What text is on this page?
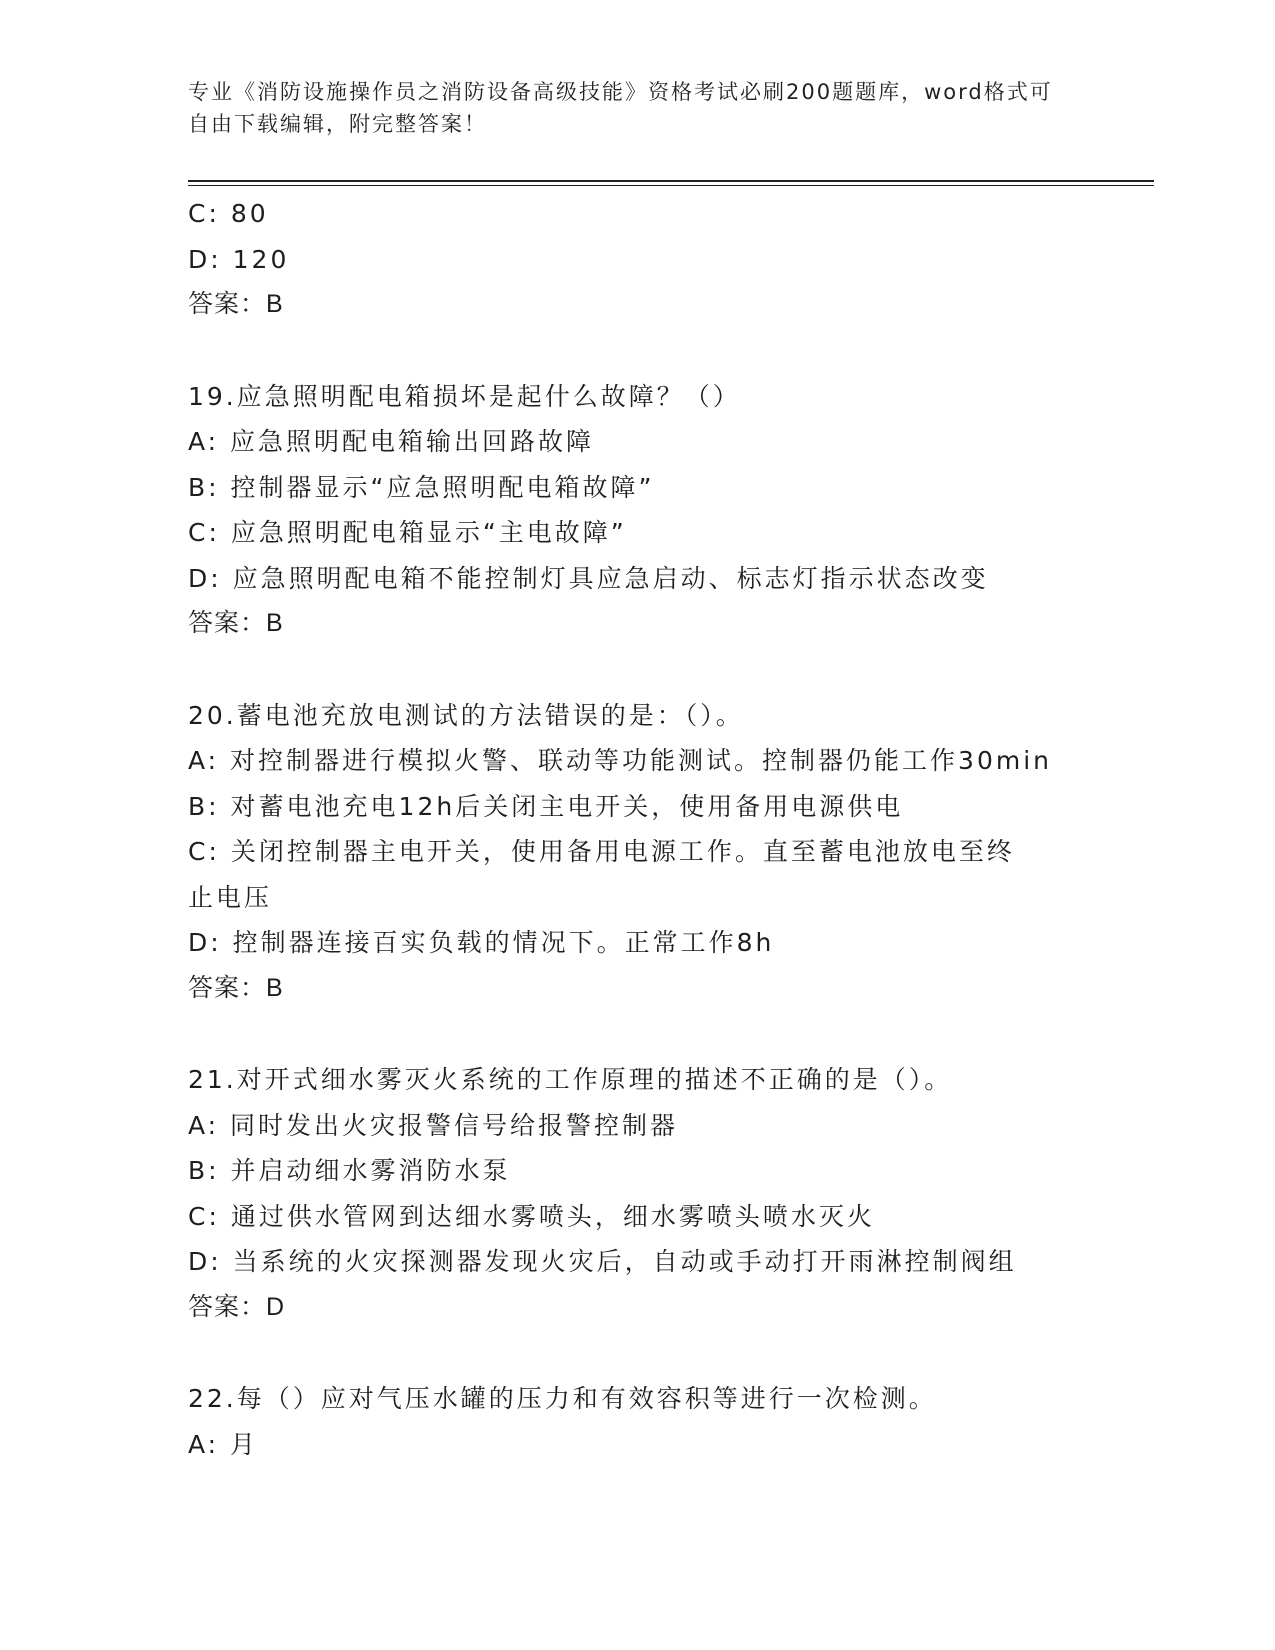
专业《消防设施操作员之消防设备高级技能》资格考试必刷200题题库，word格式可自由下载编辑，附完整答案！
C: 80
D: 120
答案：B
19.应急照明配电箱损坏是起什么故障？（）
A: 应急照明配电箱输出回路故障
B: 控制器显示“应急照明配电箱故障”
C: 应急照明配电箱显示“主电故障”
D: 应急照明配电箱不能控制灯具应急启动、标志灯指示状态改变
答案：B
20.蓄电池充放电测试的方法错误的是：（）。
A: 对控制器进行模拟火警、联动等功能测试。控制器仍能工作30min
B: 对蓄电池充电12h后关闭主电开关，使用备用电源供电
C: 关闭控制器主电开关，使用备用电源工作。直至蓄电池放电至终止电压
D: 控制器连接百实负载的情况下。正常工作8h
答案：B
21.对开式细水雾灭火系统的工作原理的描述不正确的是（）。
A: 同时发出火灾报警信号给报警控制器
B: 并启动细水雾消防水泵
C: 通过供水管网到达细水雾喷头，细水雾喷头喷水灭火
D: 当系统的火灾探测器发现火灾后，自动或手动打开雨淋控制阀组
答案：D
22.每（）应对气压水罐的压力和有效容积等进行一次检测。
A: 月
